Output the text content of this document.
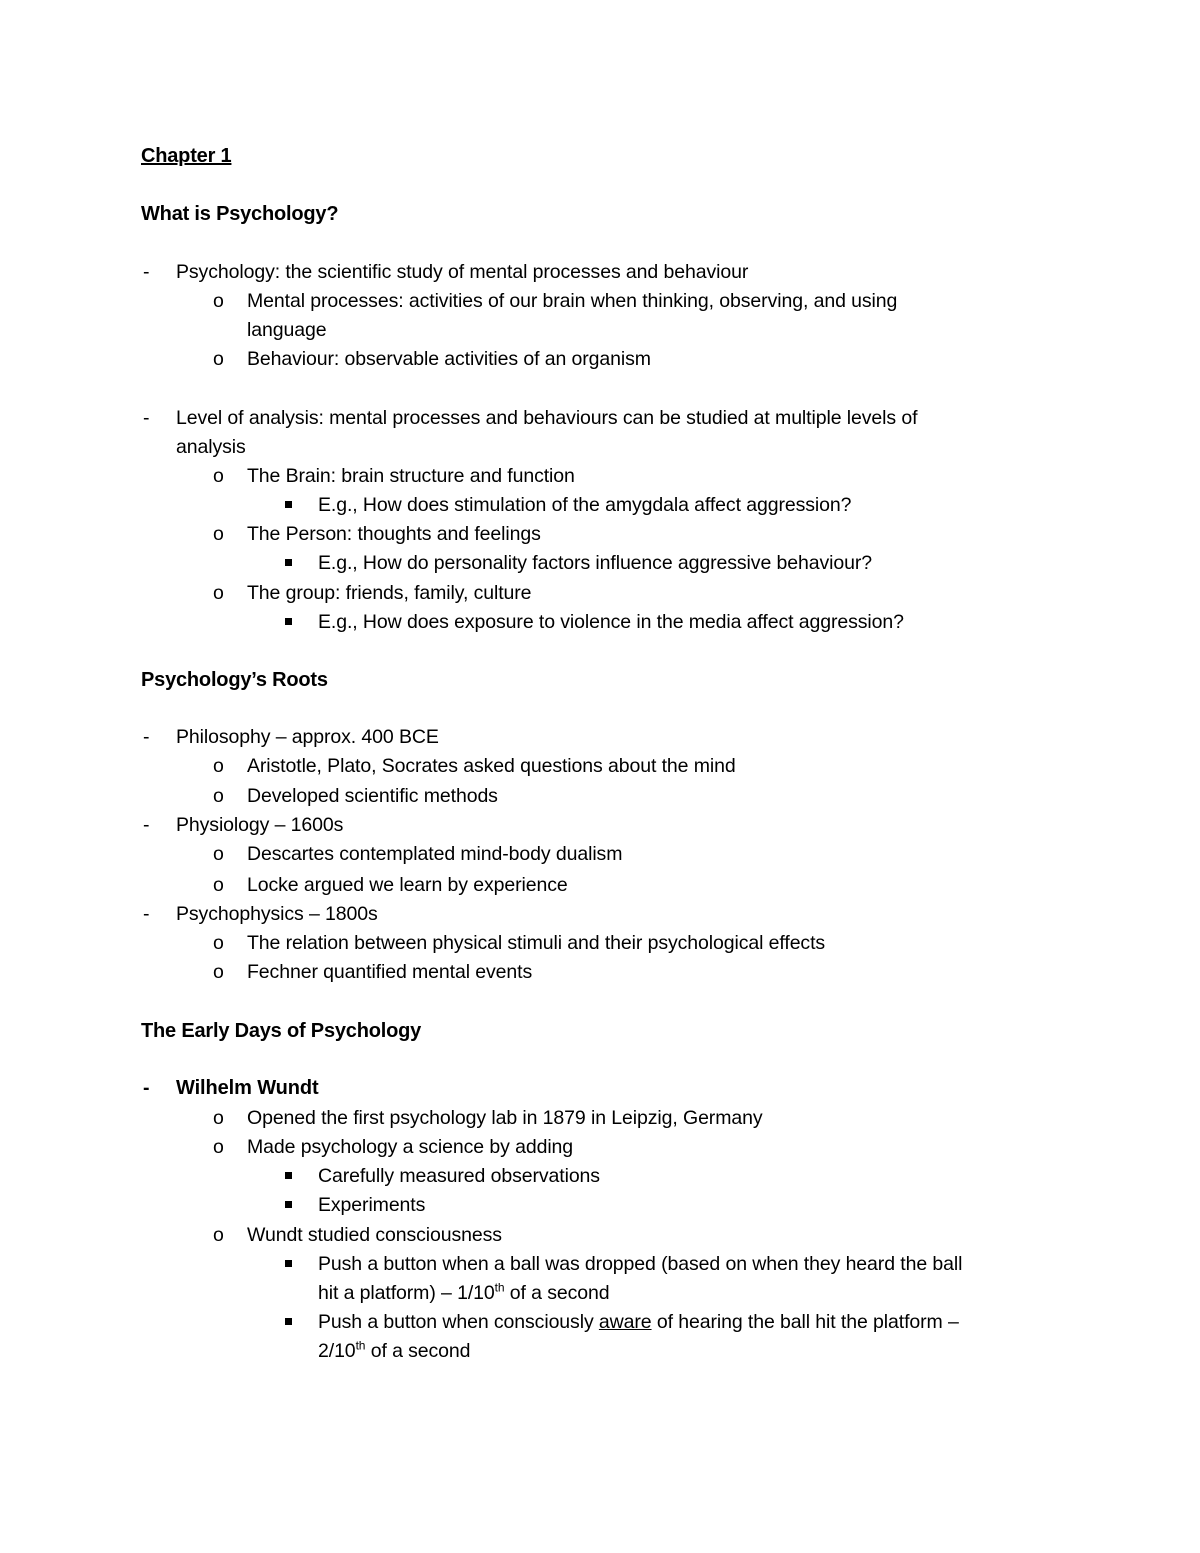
Chapter 1
What is Psychology?
- Psychology: the scientific study of mental processes and behaviour
o Mental processes: activities of our brain when thinking, observing, and using
language
o Behaviour: observable activities of an organism
- Level of analysis: mental processes and behaviours can be studied at multiple levels of
analysis
o The Brain: brain structure and function
E.g., How does stimulation of the amygdala affect aggression?
o The Person: thoughts and feelings
E.g., How do personality factors influence aggressive behaviour?
o The group: friends, family, culture
E.g., How does exposure to violence in the media affect aggression?
Psychology’s Roots
- Philosophy – approx. 400 BCE
o Aristotle, Plato, Socrates asked questions about the mind
o Developed scientific methods
- Physiology – 1600s
o Descartes contemplated mind-body dualism
o Locke argued we learn by experience
- Psychophysics – 1800s
o The relation between physical stimuli and their psychological effects
o Fechner quantified mental events
The Early Days of Psychology
- Wilhelm Wundt
o Opened the first psychology lab in 1879 in Leipzig, Germany
o Made psychology a science by adding
Carefully measured observations
Experiments
o Wundt studied consciousness
Push a button when a ball was dropped (based on when they heard the ball
hit a platform) – 1/10th of a second
Push a button when consciously aware of hearing the ball hit the platform –
2/10th of a second
